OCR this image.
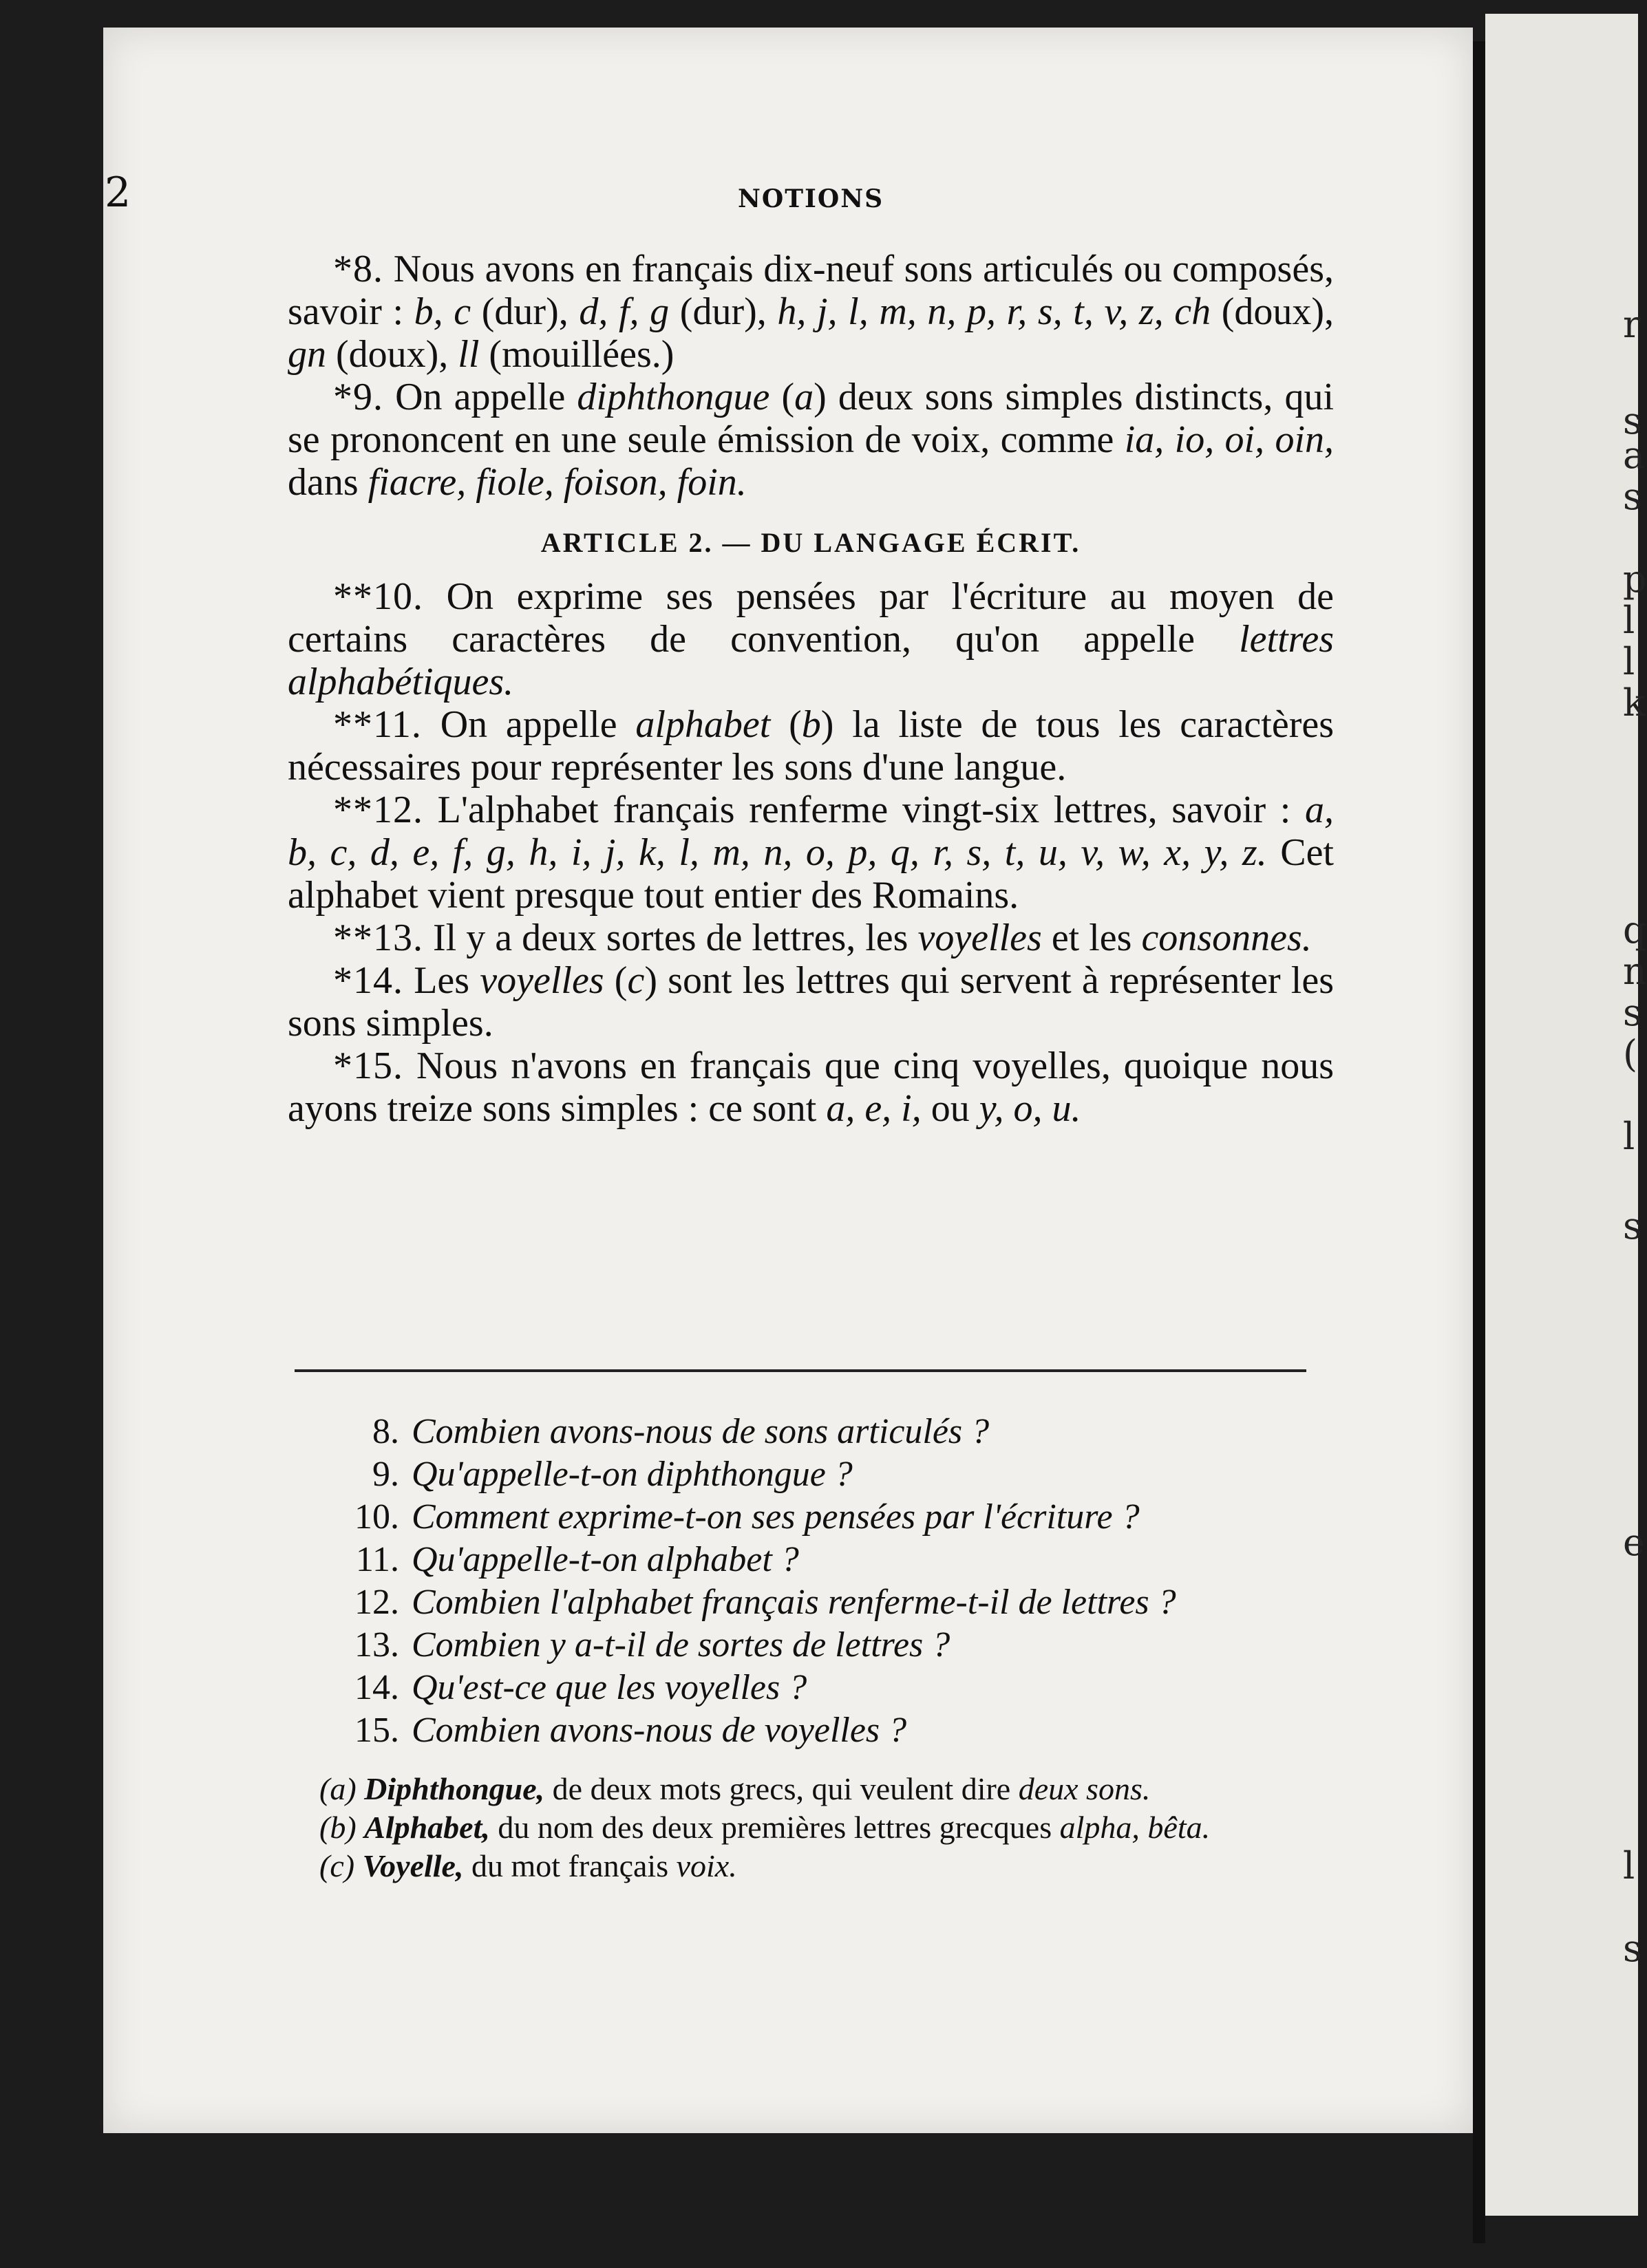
r
s
a
s
p
l
l
k
q
n
s
(
l
s
e
l
s
2	NOTIONS

*8. Nous avons en français dix-neuf sons articulés ou composés, savoir : b, c (dur), d, f, g (dur), h, j, l, m, n, p, r, s, t, v, z, ch (doux), gn (doux), ll (mouillées.)

*9. On appelle diphthongue (a) deux sons simples distincts, qui se prononcent en une seule émission de voix, comme ia, io, oi, oin, dans fiacre, fiole, foison, foin.

ARTICLE 2. — DU LANGAGE ÉCRIT.

**10. On exprime ses pensées par l'écriture au moyen de certains caractères de convention, qu'on appelle lettres alphabétiques.

**11. On appelle alphabet (b) la liste de tous les caractères nécessaires pour représenter les sons d'une langue.

**12. L'alphabet français renferme vingt-six lettres, savoir : a, b, c, d, e, f, g, h, i, j, k, l, m, n, o, p, q, r, s, t, u, v, w, x, y, z. Cet alphabet vient presque tout entier des Romains.

**13. Il y a deux sortes de lettres, les voyelles et les consonnes.

*14. Les voyelles (c) sont les lettres qui servent à représenter les sons simples.

*15. Nous n'avons en français que cinq voyelles, quoique nous ayons treize sons simples : ce sont a, e, i, ou y, o, u.

8. Combien avons-nous de sons articulés ?
9. Qu'appelle-t-on diphthongue ?
10. Comment exprime-t-on ses pensées par l'écriture ?
11. Qu'appelle-t-on alphabet ?
12. Combien l'alphabet français renferme-t-il de lettres ?
13. Combien y a-t-il de sortes de lettres ?
14. Qu'est-ce que les voyelles ?
15. Combien avons-nous de voyelles ?

(a) Diphthongue, de deux mots grecs, qui veulent dire deux sons.

(b) Alphabet, du nom des deux premières lettres grecques alpha, bêta.

(c) Voyelle, du mot français voix.
